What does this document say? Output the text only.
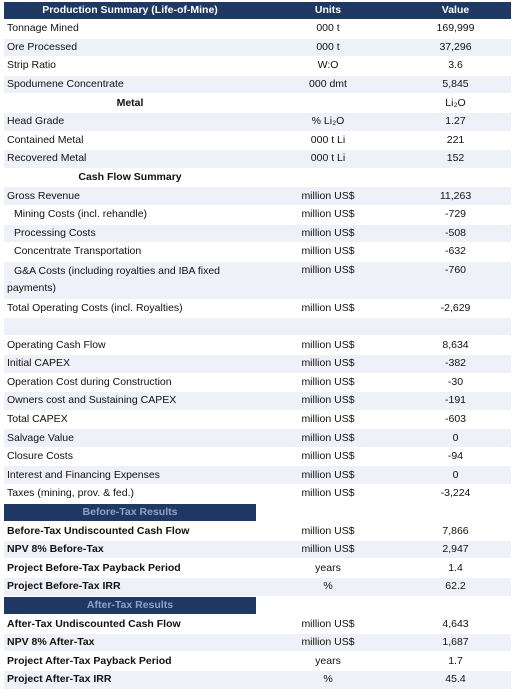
Production Summary (Life-of-Mine)	Units	Value
Tonnage Mined	000 t	169,999
Ore Processed	000 t	37,296
Strip Ratio	W:O	3.6
Spodumene Concentrate	000 dmt	5,845
Metal		Li₂O
Head Grade	% Li₂O	1.27
Contained Metal	000 t Li	221
Recovered Metal	000 t Li	152
Cash Flow Summary		
Gross Revenue	million US$	11,263
Mining Costs (incl. rehandle)	million US$	-729
Processing Costs	million US$	-508
Concentrate Transportation	million US$	-632
G&A Costs (including royalties and IBA fixed payments)	million US$	-760
Total Operating Costs (incl. Royalties)	million US$	-2,629

Operating Cash Flow	million US$	8,634
Initial CAPEX	million US$	-382
Operation Cost during Construction	million US$	-30
Owners cost and Sustaining CAPEX	million US$	-191
Total CAPEX	million US$	-603
Salvage Value	million US$	0
Closure Costs	million US$	-94
Interest and Financing Expenses	million US$	0
Taxes (mining, prov. & fed.)	million US$	-3,224
Before-Tax Results		
Before-Tax Undiscounted Cash Flow	million US$	7,866
NPV 8% Before-Tax	million US$	2,947
Project Before-Tax Payback Period	years	1.4
Project Before-Tax IRR	%	62.2
After-Tax Results		
After-Tax Undiscounted Cash Flow	million US$	4,643
NPV 8% After-Tax	million US$	1,687
Project After-Tax Payback Period	years	1.7
Project After-Tax IRR	%	45.4
